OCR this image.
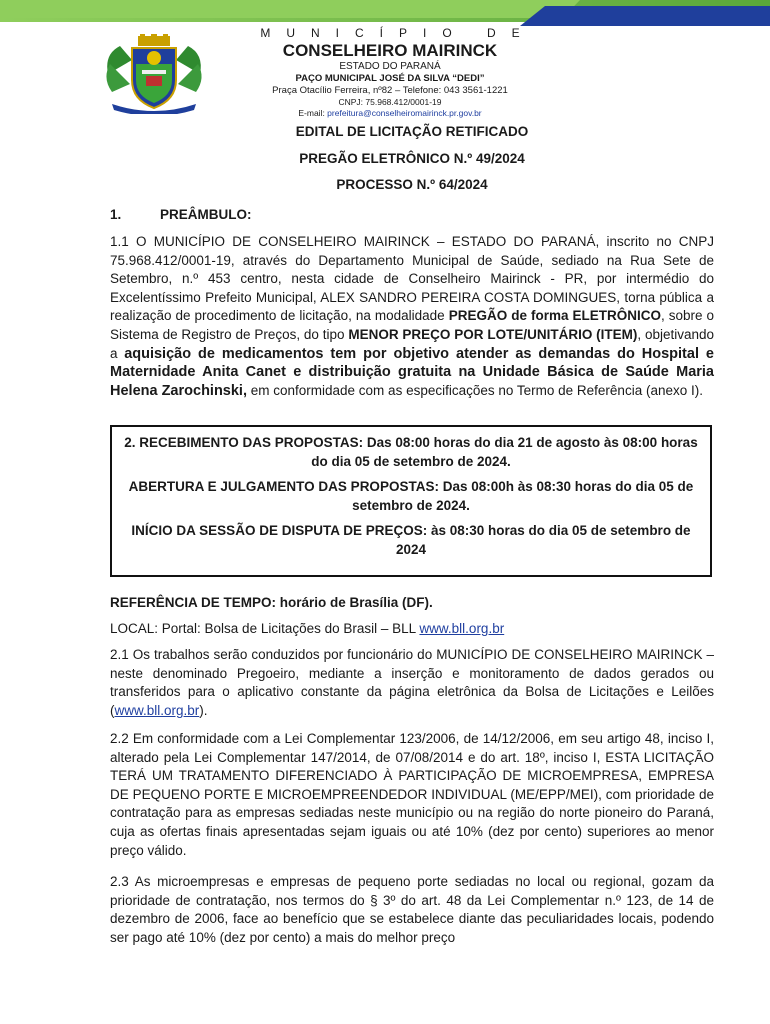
MUNICÍPIO DE
CONSELHEIRO MAIRINCK
ESTADO DO PARANÁ
PAÇO MUNICIPAL JOSÉ DA SILVA “DEDI”
Praça Otacílio Ferreira, nº82 – Telefone: 043 3561-1221
CNPJ: 75.968.412/0001-19
E-mail: prefeitura@conselheiromairinck.pr.gov.br
EDITAL DE LICITAÇÃO RETIFICADO
PREGÃO ELETRÔNICO N.º 49/2024
PROCESSO N.º 64/2024
1.	PREÂMBULO:
1.1 O MUNICÍPIO DE CONSELHEIRO MAIRINCK – ESTADO DO PARANÁ, inscrito no CNPJ 75.968.412/0001-19, através do Departamento Municipal de Saúde, sediado na Rua Sete de Setembro, n.º 453 centro, nesta cidade de Conselheiro Mairinck - PR, por intermédio do Excelentíssimo Prefeito Municipal, ALEX SANDRO PEREIRA COSTA DOMINGUES, torna pública a realização de procedimento de licitação, na modalidade PREGÃO de forma ELETRÔNICO, sobre o Sistema de Registro de Preços, do tipo MENOR PREÇO POR LOTE/UNITÁRIO (ITEM), objetivando a aquisição de medicamentos tem por objetivo atender as demandas do Hospital e Maternidade Anita Canet e distribuição gratuita na Unidade Básica de Saúde Maria Helena Zarochinski, em conformidade com as especificações no Termo de Referência (anexo I).
2. RECEBIMENTO DAS PROPOSTAS: Das 08:00 horas do dia 21 de agosto às 08:00 horas do dia 05 de setembro de 2024.
ABERTURA E JULGAMENTO DAS PROPOSTAS: Das 08:00h às 08:30 horas do dia 05 de setembro de 2024.
INÍCIO DA SESSÃO DE DISPUTA DE PREÇOS: às 08:30 horas do dia 05 de setembro de 2024
REFERÊNCIA DE TEMPO: horário de Brasília (DF).
LOCAL: Portal: Bolsa de Licitações do Brasil – BLL www.bll.org.br
2.1 Os trabalhos serão conduzidos por funcionário do MUNICÍPIO DE CONSELHEIRO MAIRINCK – neste denominado Pregoeiro, mediante a inserção e monitoramento de dados gerados ou transferidos para o aplicativo constante da página eletrônica da Bolsa de Licitações e Leilões (www.bll.org.br).
2.2 Em conformidade com a Lei Complementar 123/2006, de 14/12/2006, em seu artigo 48, inciso I, alterado pela Lei Complementar 147/2014, de 07/08/2014 e do art. 18º, inciso I, ESTA LICITAÇÃO TERÁ UM TRATAMENTO DIFERENCIADO À PARTICIPAÇÃO DE MICROEMPRESA, EMPRESA DE PEQUENO PORTE E MICROEMPREENDEDOR INDIVIDUAL (ME/EPP/MEI), com prioridade de contratação para as empresas sediadas neste município ou na região do norte pioneiro do Paraná, cuja as ofertas finais apresentadas sejam iguais ou até 10% (dez por cento) superiores ao menor preço válido.
2.3 As microempresas e empresas de pequeno porte sediadas no local ou regional, gozam da prioridade de contratação, nos termos do § 3º do art. 48 da Lei Complementar n.º 123, de 14 de dezembro de 2006, face ao benefício que se estabelece diante das peculiaridades locais, podendo ser pago até 10% (dez por cento) a mais do melhor preço
